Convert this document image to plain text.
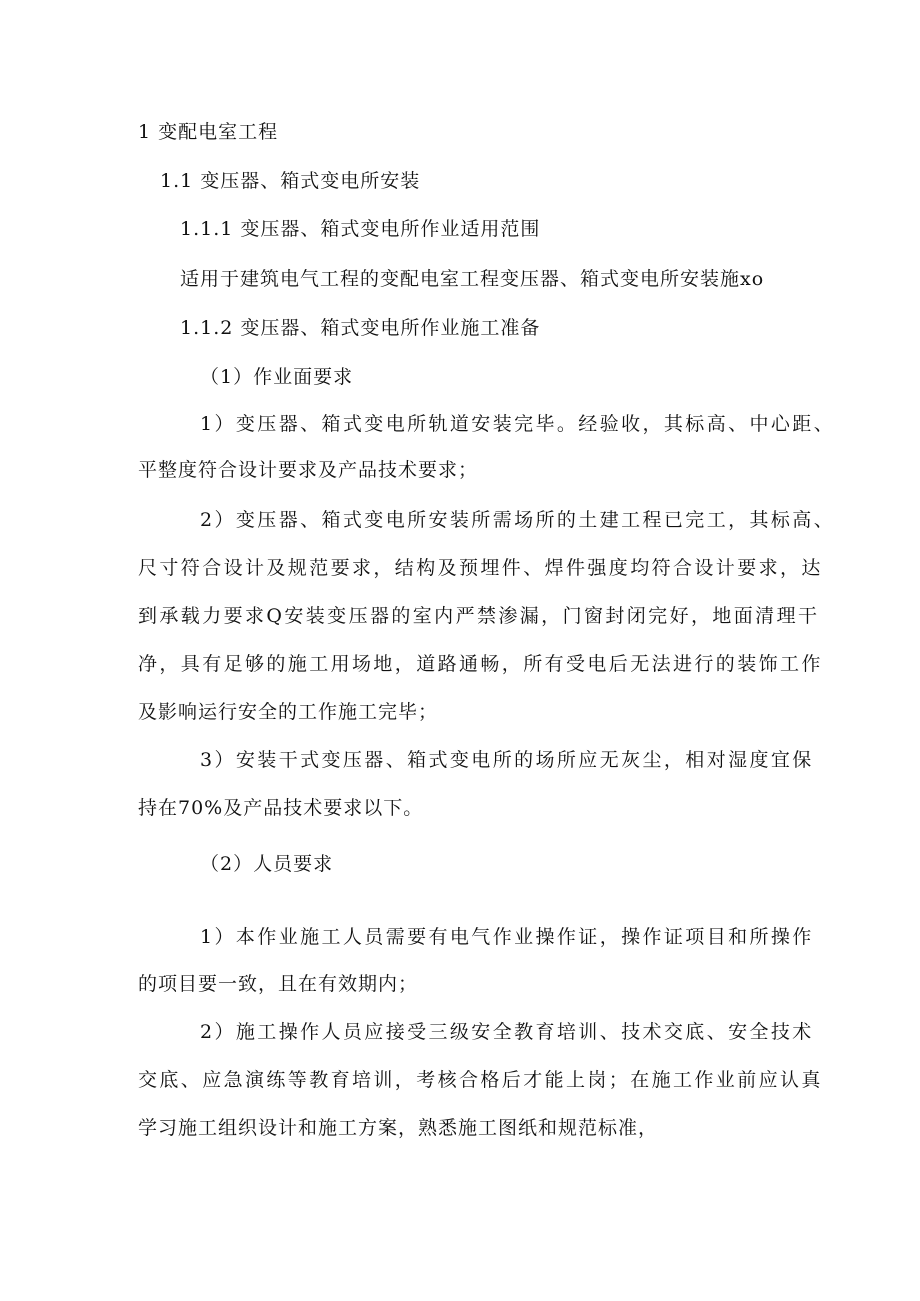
1 变配电室工程
1.1 变压器、箱式变电所安装
1.1.1 变压器、箱式变电所作业适用范围
适用于建筑电气工程的变配电室工程变压器、箱式变电所安装施xo
1.1.2 变压器、箱式变电所作业施工准备
（1）作业面要求
1）变压器、箱式变电所轨道安装完毕。经验收，其标高、中心距、
平整度符合设计要求及产品技术要求；
2）变压器、箱式变电所安装所需场所的土建工程已完工，其标高、
尺寸符合设计及规范要求，结构及预埋件、焊件强度均符合设计要求，达
到承载力要求Q安装变压器的室内严禁渗漏，门窗封闭完好，地面清理干
净，具有足够的施工用场地，道路通畅，所有受电后无法进行的装饰工作
及影响运行安全的工作施工完毕；
3）安装干式变压器、箱式变电所的场所应无灰尘，相对湿度宜保
持在70%及产品技术要求以下。
（2）人员要求
1）本作业施工人员需要有电气作业操作证，操作证项目和所操作
的项目要一致，且在有效期内；
2）施工操作人员应接受三级安全教育培训、技术交底、安全技术
交底、应急演练等教育培训，考核合格后才能上岗；在施工作业前应认真
学习施工组织设计和施工方案，熟悉施工图纸和规范标准，
